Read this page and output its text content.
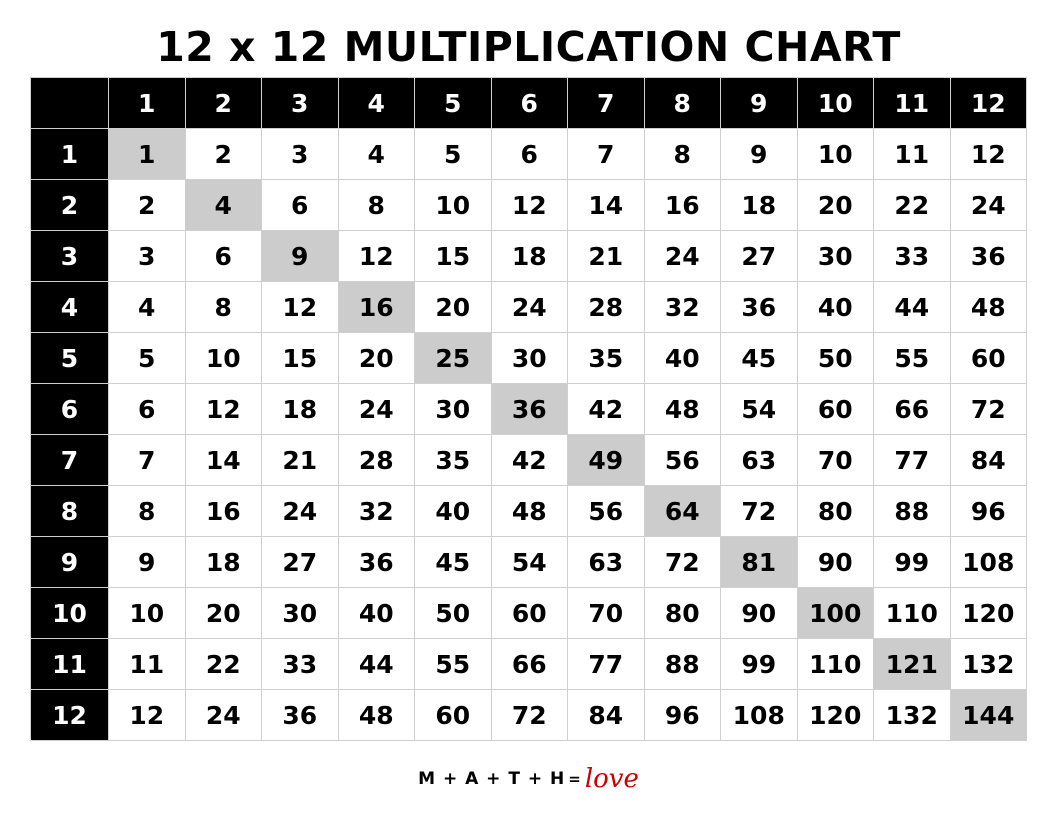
12 x 12 MULTIPLICATION CHART
	1	2	3	4	5	6	7	8	9	10	11	12
1	1	2	3	4	5	6	7	8	9	10	11	12
2	2	4	6	8	10	12	14	16	18	20	22	24
3	3	6	9	12	15	18	21	24	27	30	33	36
4	4	8	12	16	20	24	28	32	36	40	44	48
5	5	10	15	20	25	30	35	40	45	50	55	60
6	6	12	18	24	30	36	42	48	54	60	66	72
7	7	14	21	28	35	42	49	56	63	70	77	84
8	8	16	24	32	40	48	56	64	72	80	88	96
9	9	18	27	36	45	54	63	72	81	90	99	108
10	10	20	30	40	50	60	70	80	90	100	110	120
11	11	22	33	44	55	66	77	88	99	110	121	132
12	12	24	36	48	60	72	84	96	108	120	132	144
M + A + T + H = love
